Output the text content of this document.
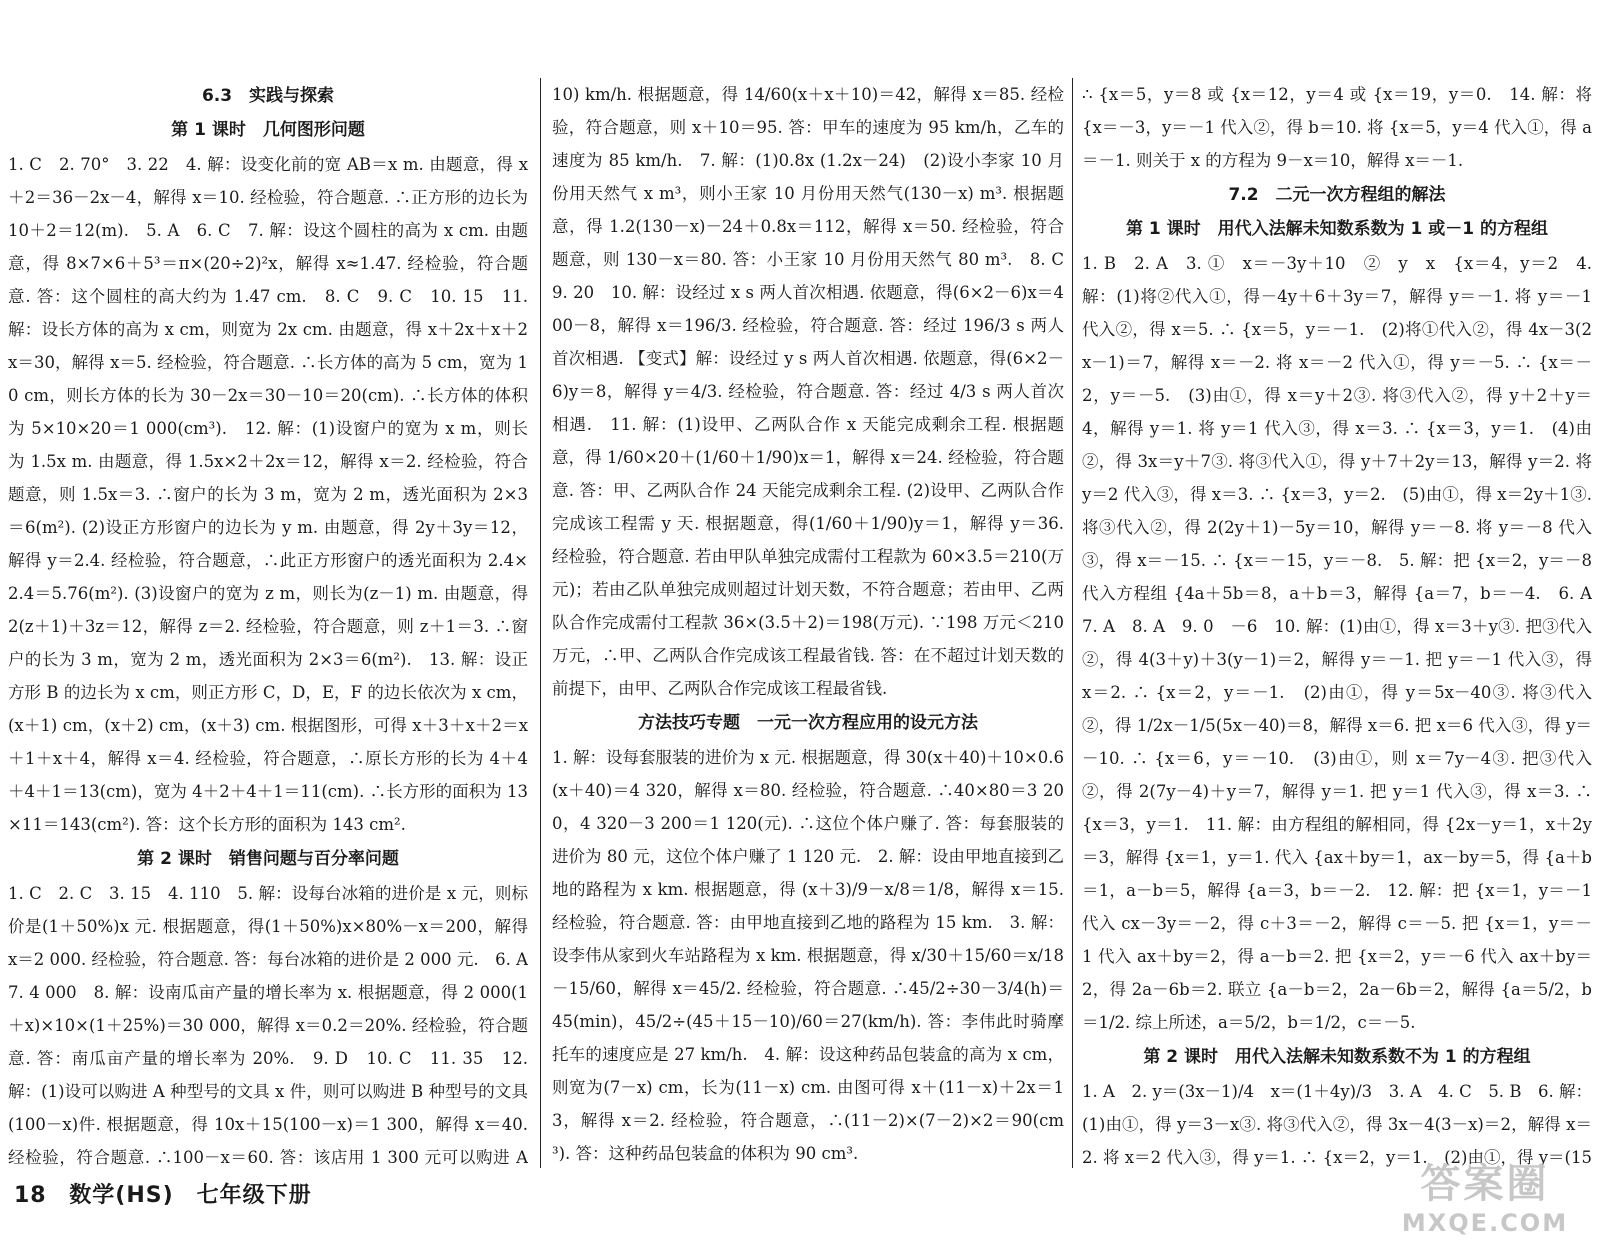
6.3　实践与探索
第 1 课时　几何图形问题

1. C　2. 70°　3. 22　4. 解：设变化前的宽 AB＝x m. 由题意，得 x＋2＝36－2x－4，解得 x＝10. 经检验，符合题意. ∴正方形的边长为 10＋2＝12(m).　5. A　6. C　7. 解：设这个圆柱的高为 x cm. 由题意，得 8×7×6＋5³＝π×(20÷2)²x，解得 x≈1.47. 经检验，符合题意. 答：这个圆柱的高大约为 1.47 cm.　8. C　9. C　10. 15　11. 解：设长方体的高为 x cm，则宽为 2x cm. 由题意，得 x＋2x＋x＋2x＝30，解得 x＝5. 经检验，符合题意. ∴长方体的高为 5 cm，宽为 10 cm，则长方体的长为 30－2x＝30－10＝20(cm). ∴长方体的体积为 5×10×20＝1 000(cm³).　12. 解：(1)设窗户的宽为 x m，则长为 1.5x m. 由题意，得 1.5x×2＋2x＝12，解得 x＝2. 经检验，符合题意，则 1.5x＝3. ∴窗户的长为 3 m，宽为 2 m，透光面积为 2×3＝6(m²). (2)设正方形窗户的边长为 y m. 由题意，得 2y＋3y＝12，解得 y＝2.4. 经检验，符合题意，∴此正方形窗户的透光面积为 2.4×2.4＝5.76(m²). (3)设窗户的宽为 z m，则长为(z－1) m. 由题意，得 2(z＋1)＋3z＝12，解得 z＝2. 经检验，符合题意，则 z＋1＝3. ∴窗户的长为 3 m，宽为 2 m，透光面积为 2×3＝6(m²).　13. 解：设正方形 B 的边长为 x cm，则正方形 C，D，E，F 的边长依次为 x cm，(x＋1) cm，(x＋2) cm，(x＋3) cm. 根据图形，可得 x＋3＋x＋2＝x＋1＋x＋4，解得 x＝4. 经检验，符合题意，∴原长方形的长为 4＋4＋4＋1＝13(cm)，宽为 4＋2＋4＋1＝11(cm). ∴长方形的面积为 13×11＝143(cm²). 答：这个长方形的面积为 143 cm².

第 2 课时　销售问题与百分率问题

1. C　2. C　3. 15　4. 110　5. 解：设每台冰箱的进价是 x 元，则标价是(1＋50%)x 元. 根据题意，得(1＋50%)x×80%－x＝200，解得 x＝2 000. 经检验，符合题意. 答：每台冰箱的进价是 2 000 元.　6. A　7. 4 000　8. 解：设南瓜亩产量的增长率为 x. 根据题意，得 2 000(1＋x)×10×(1＋25%)＝30 000，解得 x＝0.2＝20%. 经检验，符合题意. 答：南瓜亩产量的增长率为 20%.　9. D　10. C　11. 35　12. 解：(1)设可以购进 A 种型号的文具 x 件，则可以购进 B 种型号的文具(100－x)件. 根据题意，得 10x＋15(100－x)＝1 300，解得 x＝40. 经检验，符合题意. ∴100－x＝60. 答：该店用 1 300 元可以购进 A 　 　

10) km/h. 根据题意，得 14/60(x＋x＋10)＝42，解得 x＝85. 经检验，符合题意，则 x＋10＝95. 答：甲车的速度为 95 km/h，乙车的速度为 85 km/h.　7. 解：(1)0.8x (1.2x－24)　(2)设小李家 10 月份用天然气 x m³，则小王家 10 月份用天然气(130－x) m³. 根据题意，得 1.2(130－x)－24＋0.8x＝112，解得 x＝50. 经检验，符合题意，则 130－x＝80. 答：小王家 10 月份用天然气 80 m³.　8. C　9. 20　10. 解：设经过 x s 两人首次相遇. 依题意，得(6×2－6)x＝400－8，解得 x＝196/3. 经检验，符合题意. 答：经过 196/3 s 两人首次相遇. 【变式】解：设经过 y s 两人首次相遇. 依题意，得(6×2－6)y＝8，解得 y＝4/3. 经检验，符合题意. 答：经过 4/3 s 两人首次相遇.　11. 解：(1)设甲、乙两队合作 x 天能完成剩余工程. 根据题意，得 1/60×20＋(1/60＋1/90)x＝1，解得 x＝24. 经检验，符合题意. 答：甲、乙两队合作 24 天能完成剩余工程. (2)设甲、乙两队合作完成该工程需 y 天. 根据题意，得(1/60＋1/90)y＝1，解得 y＝36. 经检验，符合题意. 若由甲队单独完成需付工程款为 60×3.5＝210(万元)；若由乙队单独完成则超过计划天数，不符合题意；若由甲、乙两队合作完成需付工程款 36×(3.5＋2)＝198(万元). ∵198 万元＜210 万元，∴甲、乙两队合作完成该工程最省钱. 答：在不超过计划天数的前提下，由甲、乙两队合作完成该工程最省钱.

方法技巧专题　一元一次方程应用的设元方法

1. 解：设每套服装的进价为 x 元. 根据题意，得 30(x＋40)＋10×0.6(x＋40)＝4 320，解得 x＝80. 经检验，符合题意. ∴40×80＝3 200，4 320－3 200＝1 120(元). ∴这位个体户赚了. 答：每套服装的进价为 80 元，这位个体户赚了 1 120 元.　2. 解：设由甲地直接到乙地的路程为 x km. 根据题意，得 (x＋3)/9－x/8＝1/8，解得 x＝15. 经检验，符合题意. 答：由甲地直接到乙地的路程为 15 km.　3. 解：设李伟从家到火车站路程为 x km. 根据题意，得 x/30＋15/60＝x/18－15/60，解得 x＝45/2. 经检验，符合题意. ∴45/2÷30－3/4(h)＝45(min)，45/2÷(45＋15－10)/60＝27(km/h). 答：李伟此时骑摩托车的速度应是 27 km/h.　4. 解：设这种药品包装盒的高为 x cm，则宽为(7－x) cm，长为(11－x) cm. 由图可得 x＋(11－x)＋2x＝13，解得 x＝2. 经检验，符合题意，∴(11－2)×(7－2)×2＝90(cm³). 答：这种药品包装盒的体积为 90 cm³.

∴ {x＝5，y＝8 或 {x＝12，y＝4 或 {x＝19，y＝0.　14. 解：将 {x＝－3，y＝－1 代入②，得 b＝10. 将 {x＝5，y＝4 代入①，得 a＝－1. 则关于 x 的方程为 9－x＝10，解得 x＝－1.

7.2　二元一次方程组的解法
第 1 课时　用代入法解未知数系数为 1 或－1 的方程组

1. B　2. A　3. ①　x＝－3y＋10　②　y　x　{x＝4，y＝2　4. 解：(1)将②代入①，得－4y＋6＋3y＝7，解得 y＝－1. 将 y＝－1 代入②，得 x＝5. ∴ {x＝5，y＝－1.　(2)将①代入②，得 4x－3(2x－1)＝7，解得 x＝－2. 将 x＝－2 代入①，得 y＝－5. ∴ {x＝－2，y＝－5.　(3)由①，得 x＝y＋2③. 将③代入②，得 y＋2＋y＝4，解得 y＝1. 将 y＝1 代入③，得 x＝3. ∴ {x＝3，y＝1.　(4)由②，得 3x＝y＋7③. 将③代入①，得 y＋7＋2y＝13，解得 y＝2. 将 y＝2 代入③，得 x＝3. ∴ {x＝3，y＝2.　(5)由①，得 x＝2y＋1③. 将③代入②，得 2(2y＋1)－5y＝10，解得 y＝－8. 将 y＝－8 代入③，得 x＝－15. ∴ {x＝－15，y＝－8.　5. 解：把 {x＝2，y＝－8 代入方程组 {4a＋5b＝8，a＋b＝3，解得 {a＝7，b＝－4.　6. A　7. A　8. A　9. 0　－6　10. 解：(1)由①，得 x＝3＋y③. 把③代入②，得 4(3＋y)＋3(y－1)＝2，解得 y＝－1. 把 y＝－1 代入③，得 x＝2. ∴ {x＝2，y＝－1.　(2)由①，得 y＝5x－40③. 将③代入②，得 1/2x－1/5(5x－40)＝8，解得 x＝6. 把 x＝6 代入③，得 y＝－10. ∴ {x＝6，y＝－10.　(3)由①，则 x＝7y－4③. 把③代入②，得 2(7y－4)＋y＝7，解得 y＝1. 把 y＝1 代入③，得 x＝3. ∴ {x＝3，y＝1.　11. 解：由方程组的解相同，得 {2x－y＝1，x＋2y＝3，解得 {x＝1，y＝1. 代入 {ax＋by＝1，ax－by＝5，得 {a＋b＝1，a－b＝5，解得 {a＝3，b＝－2.　12. 解：把 {x＝1，y＝－1 代入 cx－3y＝－2，得 c＋3＝－2，解得 c＝－5. 把 {x＝1，y＝－1 代入 ax＋by＝2，得 a－b＝2. 把 {x＝2，y＝－6 代入 ax＋by＝2，得 2a－6b＝2. 联立 {a－b＝2，2a－6b＝2，解得 {a＝5/2，b＝1/2. 综上所述，a＝5/2，b＝1/2，c＝－5.

第 2 课时　用代入法解未知数系数不为 1 的方程组

1. A　2. y＝(3x－1)/4　x＝(1＋4y)/3　3. A　4. C　5. B　6. 解：(1)由①，得 y＝3－x③. 将③代入②，得 3x－4(3－x)＝2，解得 x＝2. 将 x＝2 代入③，得 y＝1. ∴ {x＝2，y＝1.　(2)由①，得 y＝(15

18 数学(HS)　七年级下册	答案圈
MXQE.COM
